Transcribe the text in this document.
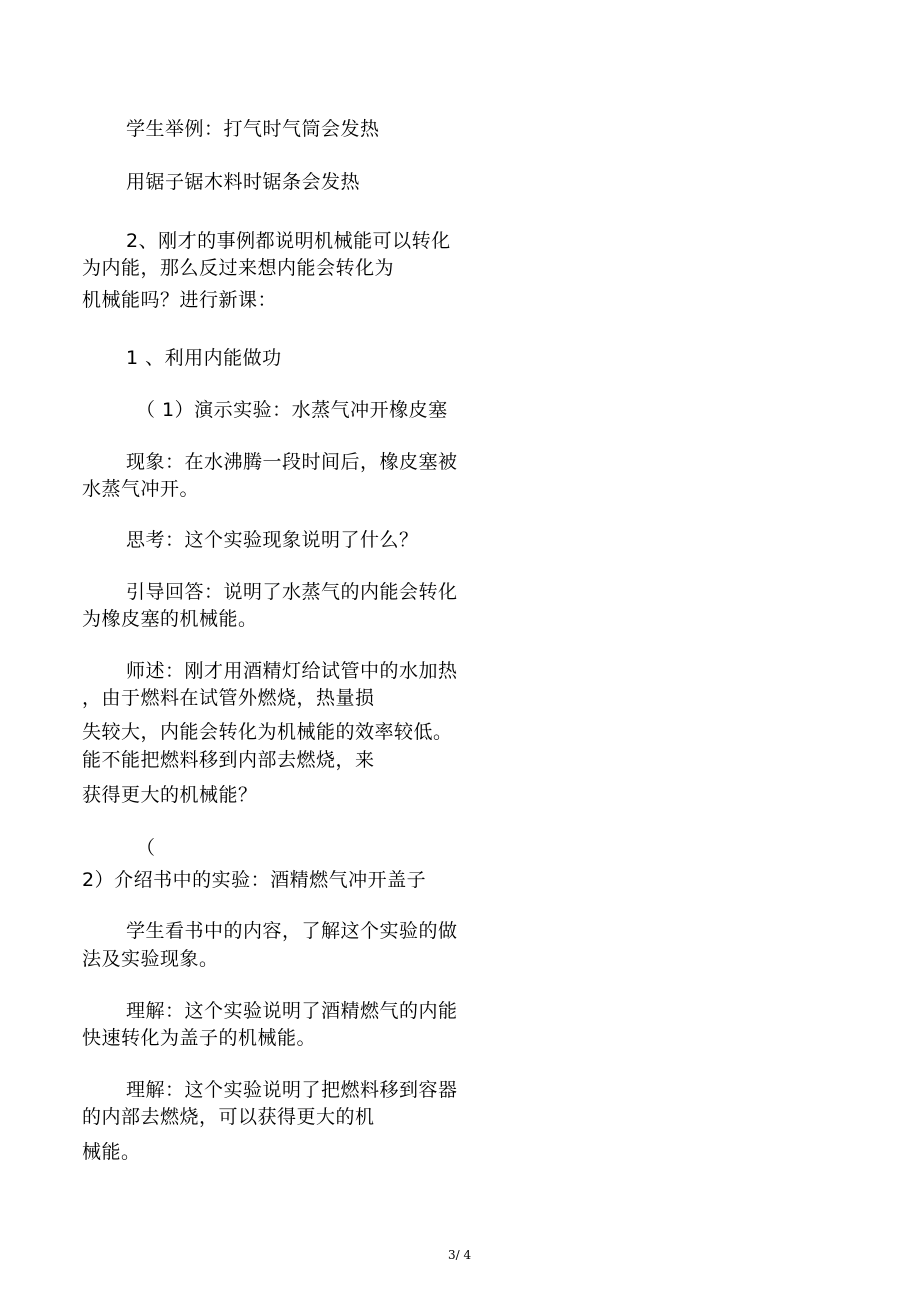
学生举例：打气时气筒会发热
用锯子锯木料时锯条会发热
2、刚才的事例都说明机械能可以转化
为内能，那么反过来想内能会转化为
机械能吗？进行新课：
1 、利用内能做功
（ 1）演示实验：水蒸气冲开橡皮塞
现象：在水沸腾一段时间后，橡皮塞被
水蒸气冲开。
思考：这个实验现象说明了什么？
引导回答：说明了水蒸气的内能会转化
为橡皮塞的机械能。
师述：刚才用酒精灯给试管中的水加热
，由于燃料在试管外燃烧，热量损
失较大，内能会转化为机械能的效率较低。
能不能把燃料移到内部去燃烧，来
获得更大的机械能？
（
2）介绍书中的实验：酒精燃气冲开盖子
学生看书中的内容，了解这个实验的做
法及实验现象。
理解：这个实验说明了酒精燃气的内能
快速转化为盖子的机械能。
理解：这个实验说明了把燃料移到容器
的内部去燃烧，可以获得更大的机
械能。
3/ 4
